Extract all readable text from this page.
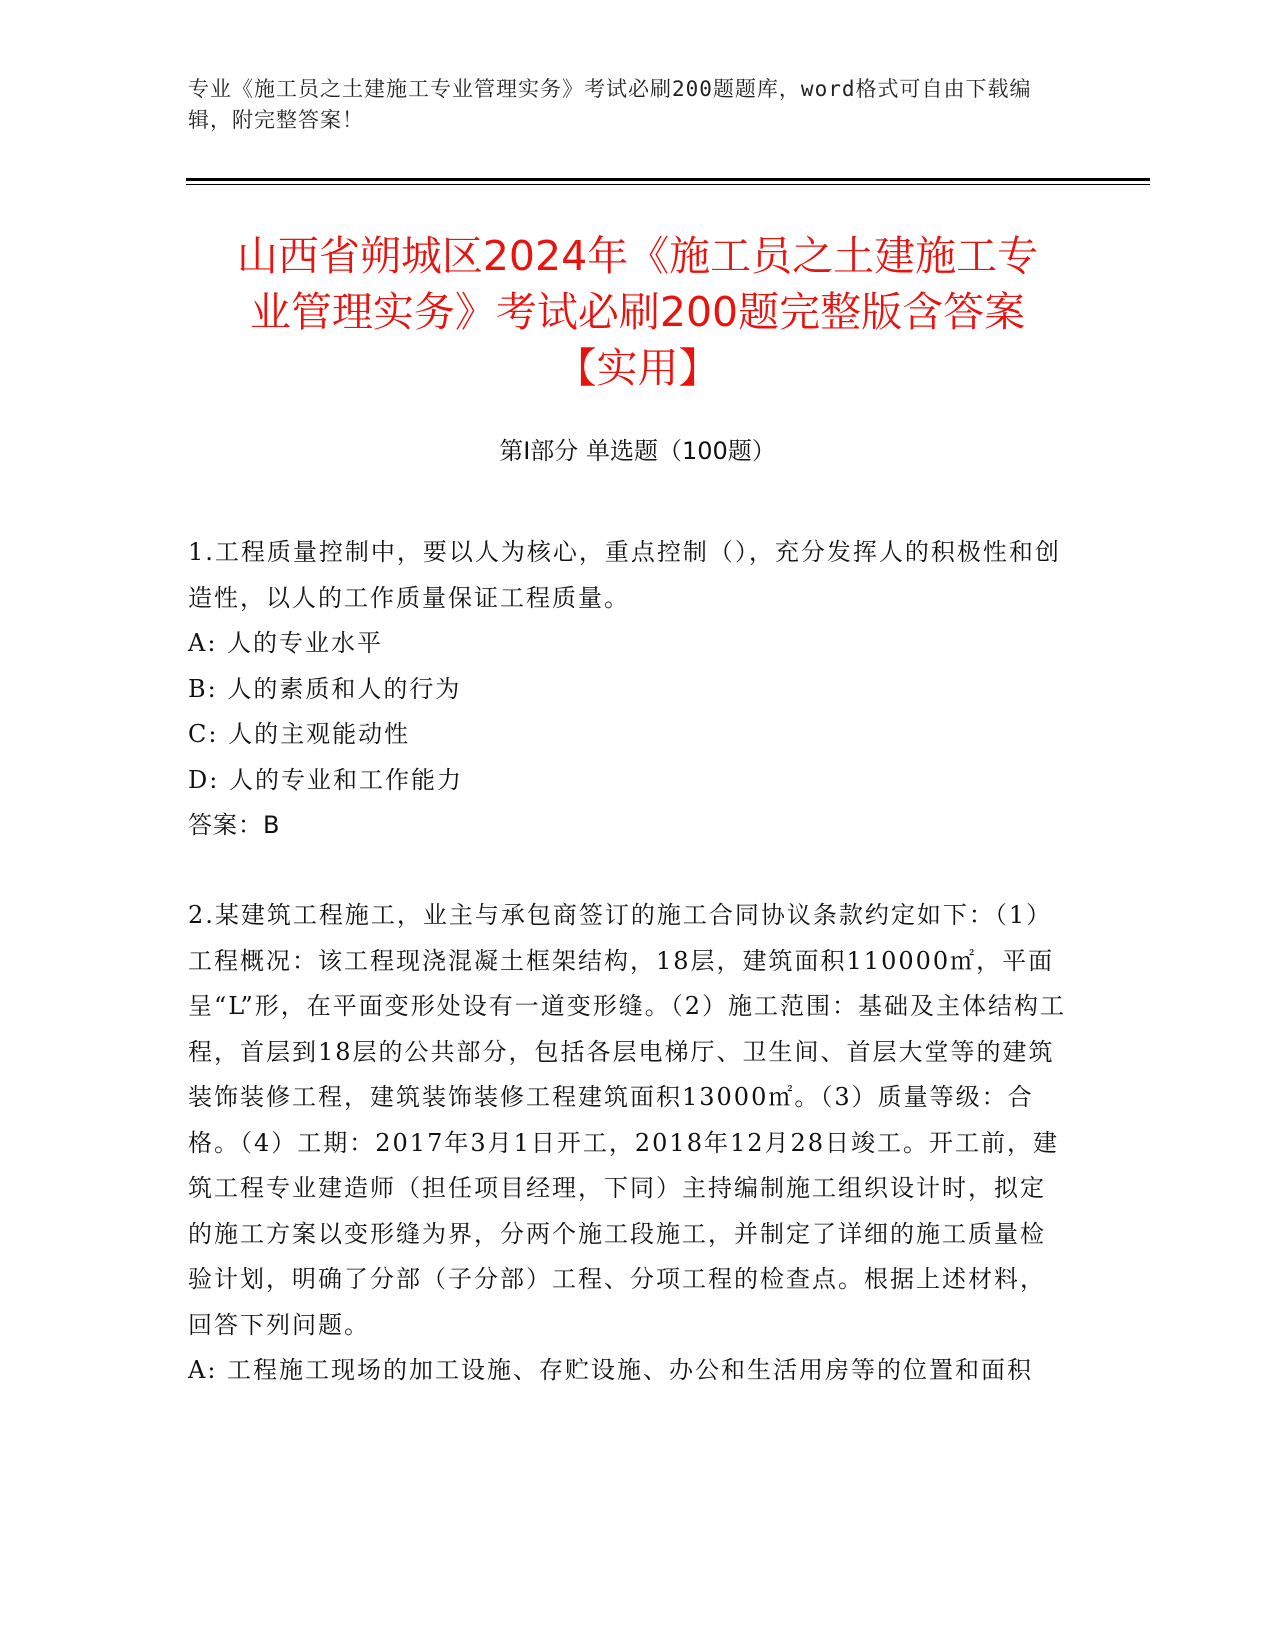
专业《施工员之土建施工专业管理实务》考试必刷200题题库，word格式可自由下载编辑，附完整答案！
山西省朔城区2024年《施工员之土建施工专
业管理实务》考试必刷200题完整版含答案
【实用】
第I部分 单选题（100题）
1.工程质量控制中，要以人为核心，重点控制（），充分发挥人的积极性和创造性，以人的工作质量保证工程质量。
A: 人的专业水平
B: 人的素质和人的行为
C: 人的主观能动性
D: 人的专业和工作能力
答案：B
2.某建筑工程施工，业主与承包商签订的施工合同协议条款约定如下：（1）工程概况：该工程现浇混凝土框架结构，18层，建筑面积110000㎡，平面呈“L”形，在平面变形处设有一道变形缝。（2）施工范围：基础及主体结构工程，首层到18层的公共部分，包括各层电梯厅、卫生间、首层大堂等的建筑装饰装修工程，建筑装饰装修工程建筑面积13000㎡。（3）质量等级：合格。（4）工期：2017年3月1日开工，2018年12月28日竣工。开工前，建筑工程专业建造师（担任项目经理，下同）主持编制施工组织设计时，拟定的施工方案以变形缝为界，分两个施工段施工，并制定了详细的施工质量检验计划，明确了分部（子分部）工程、分项工程的检查点。根据上述材料，回答下列问题。
A: 工程施工现场的加工设施、存贮设施、办公和生活用房等的位置和面积
